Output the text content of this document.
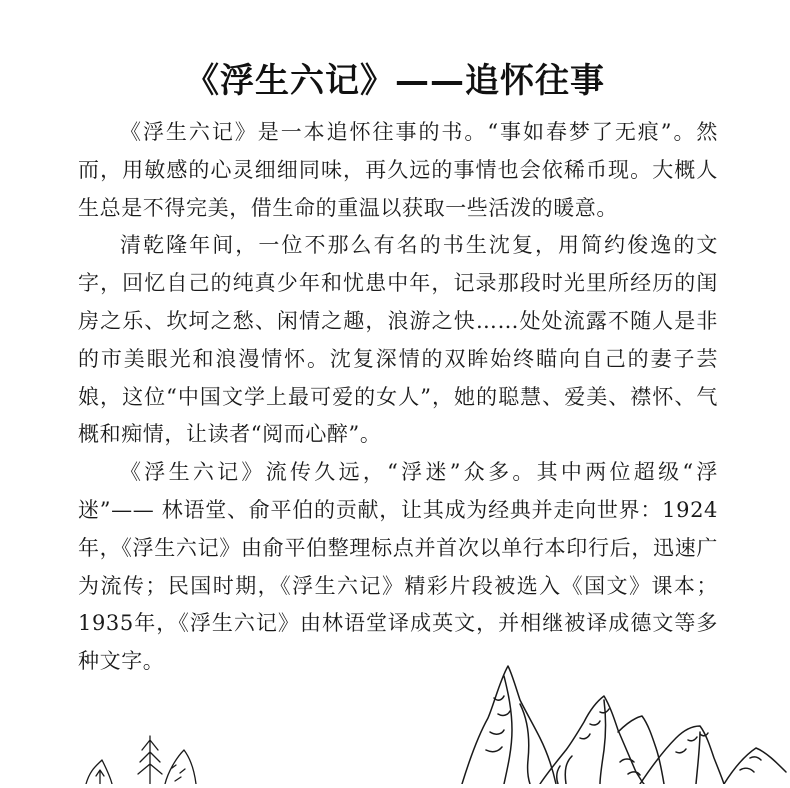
《浮生六记》——追怀往事

《浮生六记》是一本追怀往事的书。“事如春梦了无痕”。然而，用敏感的心灵细细同味，再久远的事情也会依稀币现。大概人生总是不得完美，借生命的重温以获取一些活泼的暖意。

清乾隆年间，一位不那么有名的书生沈复，用简约俊逸的文字，回忆自己的纯真少年和忧患中年，记录那段时光里所经历的闺房之乐、坎坷之愁、闲情之趣，浪游之快……处处流露不随人是非的市美眼光和浪漫情怀。沈复深情的双眸始终瞄向自己的妻子芸娘，这位“中国文学上最可爱的女人”，她的聪慧、爱美、襟怀、气概和痴情，让读者“阅而心醉”。

《浮生六记》流传久远，“浮迷”众多。其中两位超级“浮迷”—— 林语堂、俞平伯的贡献，让其成为经典并走向世界：1924年，《浮生六记》由俞平伯整理标点并首次以单行本印行后，迅速广为流传；民国时期，《浮生六记》精彩片段被选入《国文》课本；1935年，《浮生六记》由林语堂译成英文，并相继被译成德文等多种文字。
